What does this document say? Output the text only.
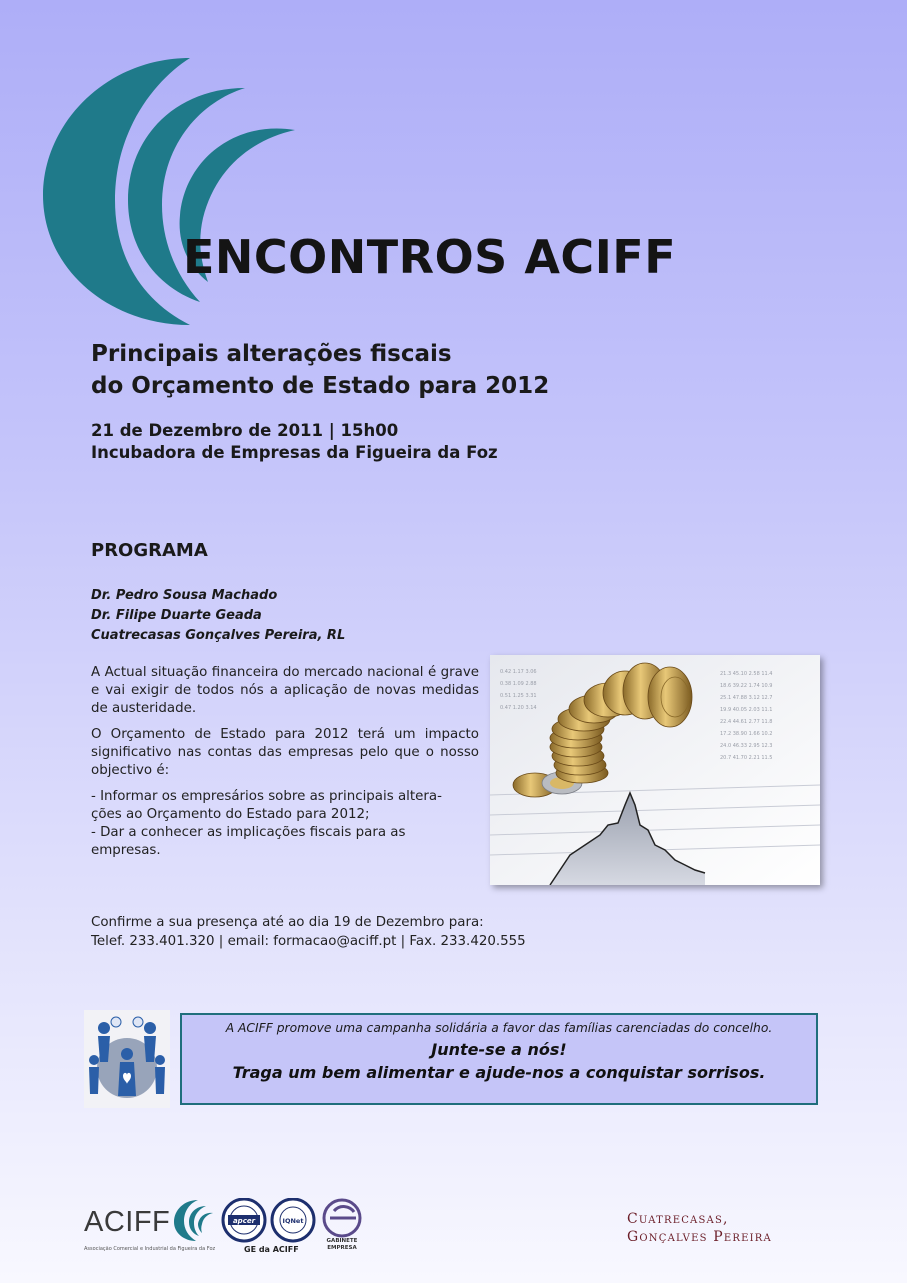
ENCONTROS ACIFF
Principais alterações fiscais
do Orçamento de Estado para 2012
21 de Dezembro de 2011 | 15h00
Incubadora de Empresas da Figueira da Foz
PROGRAMA
Dr. Pedro Sousa Machado
Dr. Filipe Duarte Geada
Cuatrecasas Gonçalves Pereira, RL

A Actual situação financeira do mercado nacional é grave e vai exigir de todos nós a aplicação de novas medidas de austeridade.

O Orçamento de Estado para 2012 terá um impacto significativo nas contas das empresas pelo que o nosso objectivo é:

- Informar os empresários sobre as principais altera-
ções ao Orçamento do Estado para 2012;
- Dar a conhecer as implicações fiscais para as
empresas.
21.3 45.10 2.58 11.4
18.6 39.22 1.74 10.9
25.1 47.88 3.12 12.7
19.9 40.05 2.03 11.1
22.4 44.61 2.77 11.8
17.2 38.90 1.66 10.2
24.0 46.33 2.95 12.3
20.7 41.70 2.21 11.5
0.42 1.17 3.06
0.38 1.09 2.88
0.51 1.25 3.31
0.47 1.20 3.14
Confirme a sua presença até ao dia 19 de Dezembro para:
Telef. 233.401.320 | email: formacao@aciff.pt | Fax. 233.420.555
A ACIFF promove uma campanha solidária a favor das famílias carenciadas do concelho.
Junte-se a nós!
Traga um bem alimentar e ajude-nos a conquistar sorrisos.
ACIFF
Associação Comercial e Industrial da Figueira da Foz
apcer	IQNet
GE da ACIFF
GABINETE
EMPRESA
Cuatrecasas,
Gonçalves Pereira
